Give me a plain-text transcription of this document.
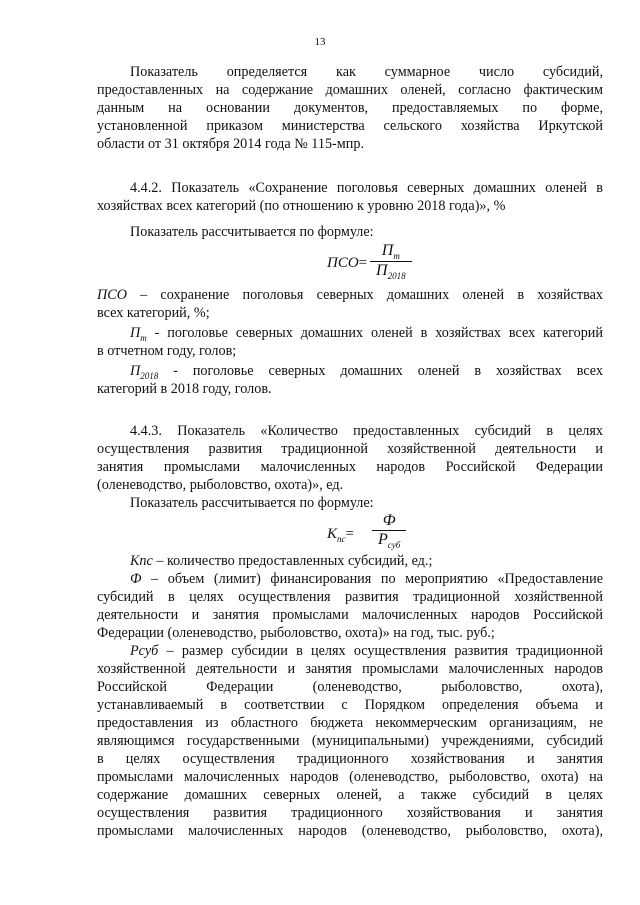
13

Показатель определяется как суммарное число субсидий,

предоставленных на содержание домашних оленей, согласно фактическим

данным на основании документов, предоставляемых по форме,

установленной приказом министерства сельского хозяйства Иркутской

области от 31 октября 2014 года № 115-мпр.

4.4.2. Показатель «Сохранение поголовья северных домашних оленей в

хозяйствах всех категорий (по отношению к уровню 2018 года)», %

Показатель рассчитывается по формуле:

ПСО=
$П_т$
$П_{2018}$

ПСО – сохранение поголовья северных домашних оленей в хозяйствах

всех категорий, %;

$П_т$ - поголовье северных домашних оленей в хозяйствах всех категорий

в отчетном году, голов;

$П_{2018}$ - поголовье северных домашних оленей в хозяйствах всех

категорий в 2018 году, голов.

4.4.3. Показатель «Количество предоставленных субсидий в целях

осуществления развития традиционной хозяйственной деятельности и

занятия промыслами малочисленных народов Российской Федерации

(оленеводство, рыболовство, охота)», ед.

Показатель рассчитывается по формуле:

$К_{пс}=$
Ф
$Р_{суб}$

Кпс – количество предоставленных субсидий, ед.;

Ф – объем (лимит) финансирования по мероприятию «Предоставление

субсидий в целях осуществления развития традиционной хозяйственной

деятельности и занятия промыслами малочисленных народов Российской

Федерации (оленеводство, рыболовство, охота)» на год, тыс. руб.;

Рсуб – размер субсидии в целях осуществления развития традиционной

хозяйственной деятельности и занятия промыслами малочисленных народов

Российской Федерации (оленеводство, рыболовство, охота),

устанавливаемый в соответствии с Порядком определения объема и

предоставления из областного бюджета некоммерческим организациям, не

являющимся государственными (муниципальными) учреждениями, субсидий

в целях осуществления традиционного хозяйствования и занятия

промыслами малочисленных народов (оленеводство, рыболовство, охота) на

содержание домашних северных оленей, а также субсидий в целях

осуществления развития традиционного хозяйствования и занятия

промыслами малочисленных народов (оленеводство, рыболовство, охота),
